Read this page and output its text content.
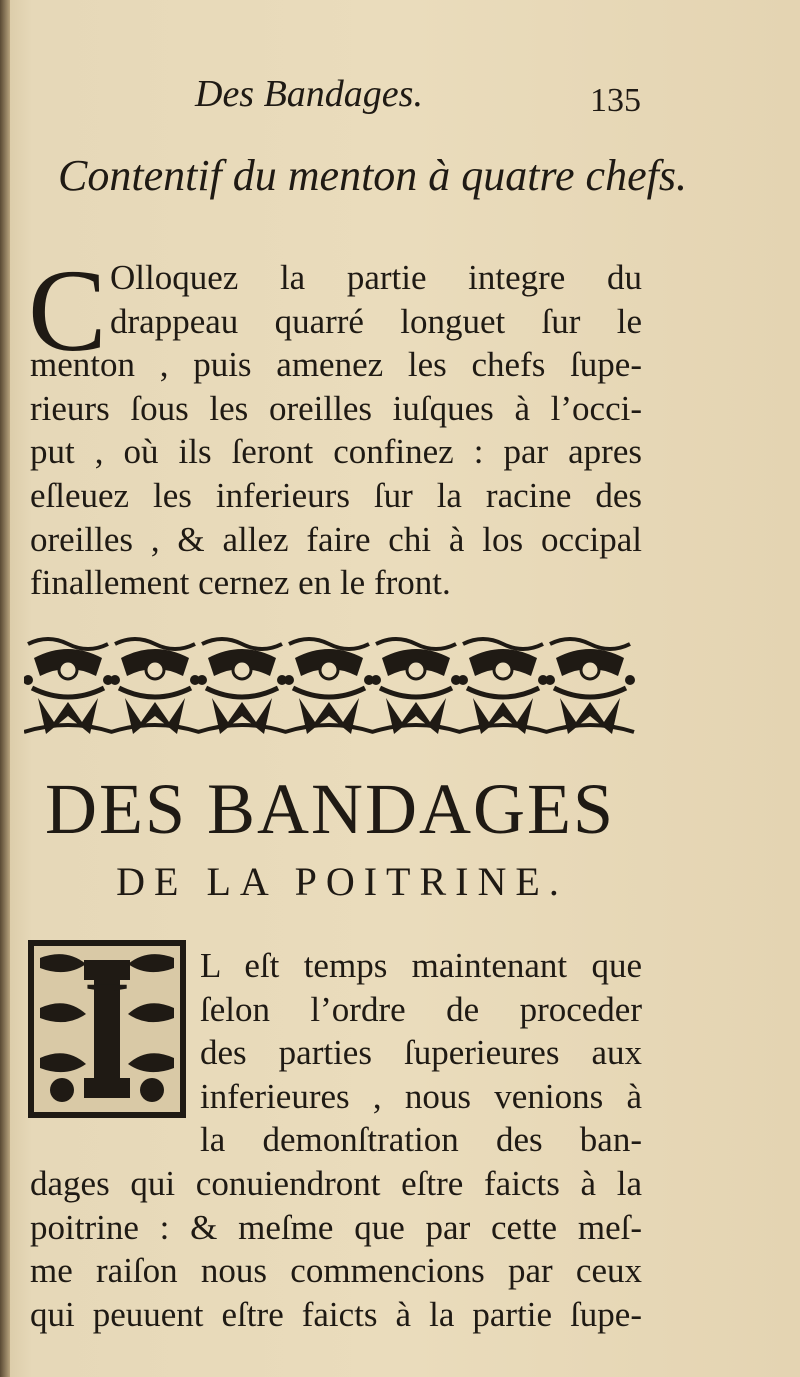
Des Bandages.	135
Contentif du menton à quatre chefs.
C Olloquez la partie integre du
drappeau quarré longuet ſur le
menton , puis amenez les chefs ſupe-
rieurs ſous les oreilles iuſques à l’occi-
put , où ils ſeront confinez : par apres
eſleuez les inferieurs ſur la racine des
oreilles , & allez faire chi à los occipal
finallement cernez en le front.
DES BANDAGES
DE LA POITRINE.
I L eſt temps maintenant que
ſelon l’ordre de proceder
des parties ſuperieures aux
inferieures , nous venions à
la demonſtration des ban-
dages qui conuiendront eſtre faicts à la
poitrine : & meſme que par cette meſ-
me raiſon nous commencions par ceux
qui peuuent eſtre faicts à la partie ſupe-
